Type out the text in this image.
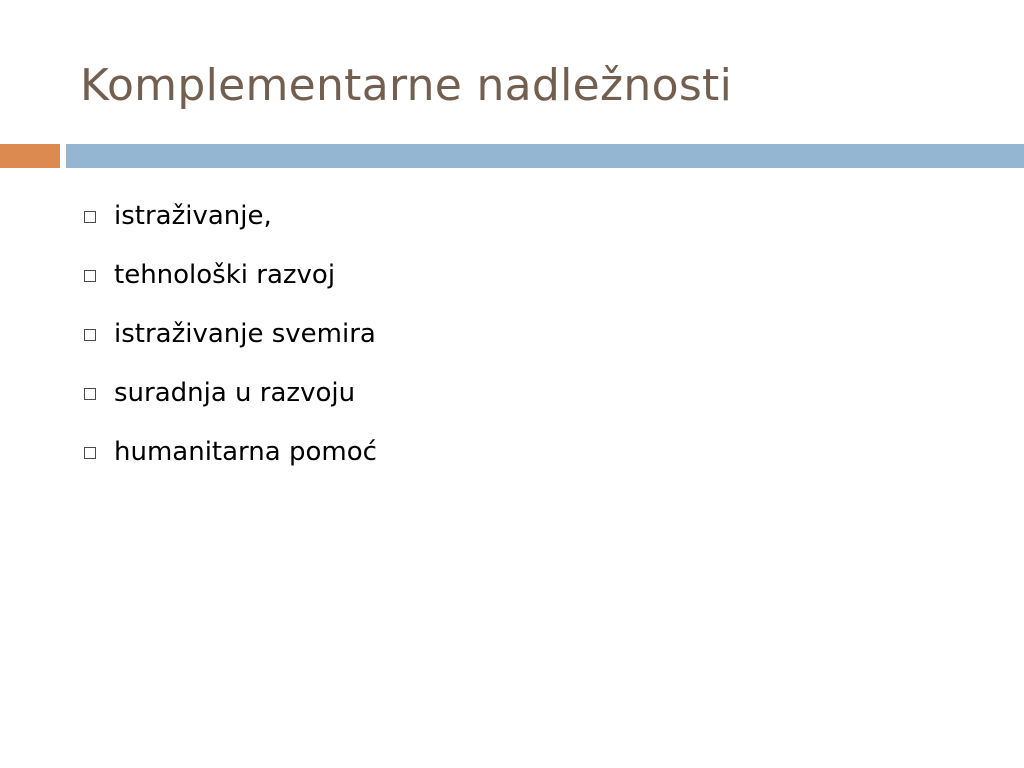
Komplementarne nadležnosti
istraživanje,
tehnološki razvoj
istraživanje svemira
suradnja u razvoju
humanitarna pomoć
